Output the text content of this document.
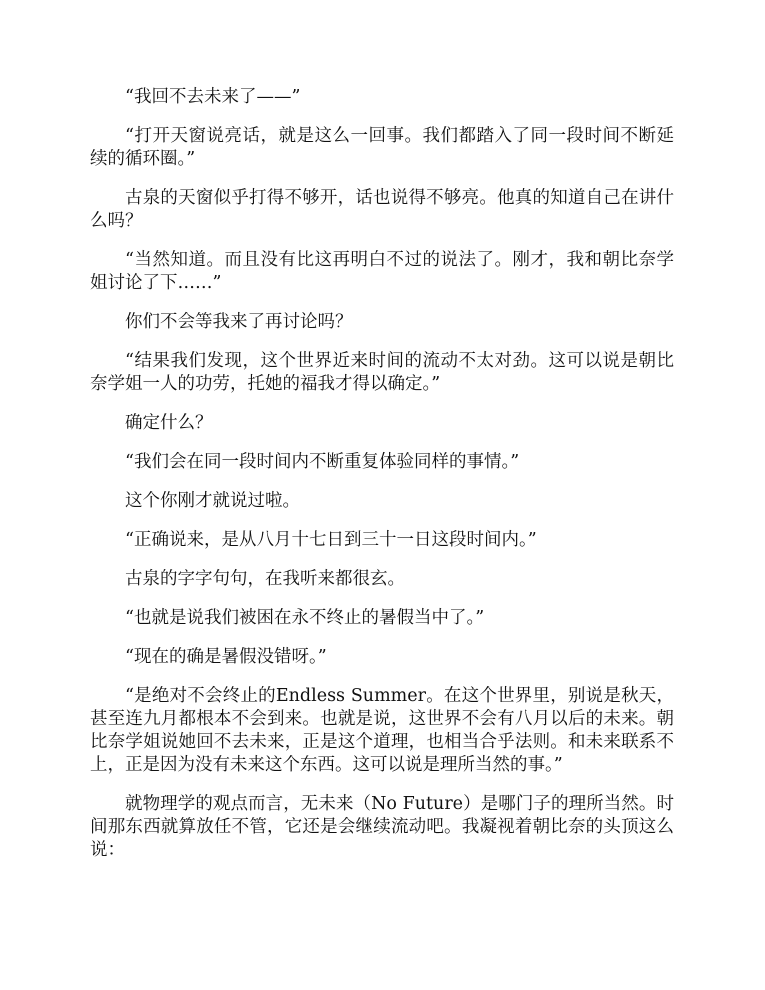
“我回不去未来了——”

“打开天窗说亮话，就是这么一回事。我们都踏入了同一段时间不断延续的循环圈。”

古泉的天窗似乎打得不够开，话也说得不够亮。他真的知道自己在讲什么吗？

“当然知道。而且没有比这再明白不过的说法了。刚才，我和朝比奈学姐讨论了下……”

你们不会等我来了再讨论吗？

“结果我们发现，这个世界近来时间的流动不太对劲。这可以说是朝比奈学姐一人的功劳，托她的福我才得以确定。”

确定什么？

“我们会在同一段时间内不断重复体验同样的事情。”

这个你刚才就说过啦。

“正确说来，是从八月十七日到三十一日这段时间内。”

古泉的字字句句，在我听来都很玄。

“也就是说我们被困在永不终止的暑假当中了。”

“现在的确是暑假没错呀。”

“是绝对不会终止的Endless Summer。在这个世界里，别说是秋天，甚至连九月都根本不会到来。也就是说，这世界不会有八月以后的未来。朝比奈学姐说她回不去未来，正是这个道理，也相当合乎法则。和未来联系不上，正是因为没有未来这个东西。这可以说是理所当然的事。”

就物理学的观点而言，无未来（No Future）是哪门子的理所当然。时间那东西就算放任不管，它还是会继续流动吧。我凝视着朝比奈的头顶这么说：
